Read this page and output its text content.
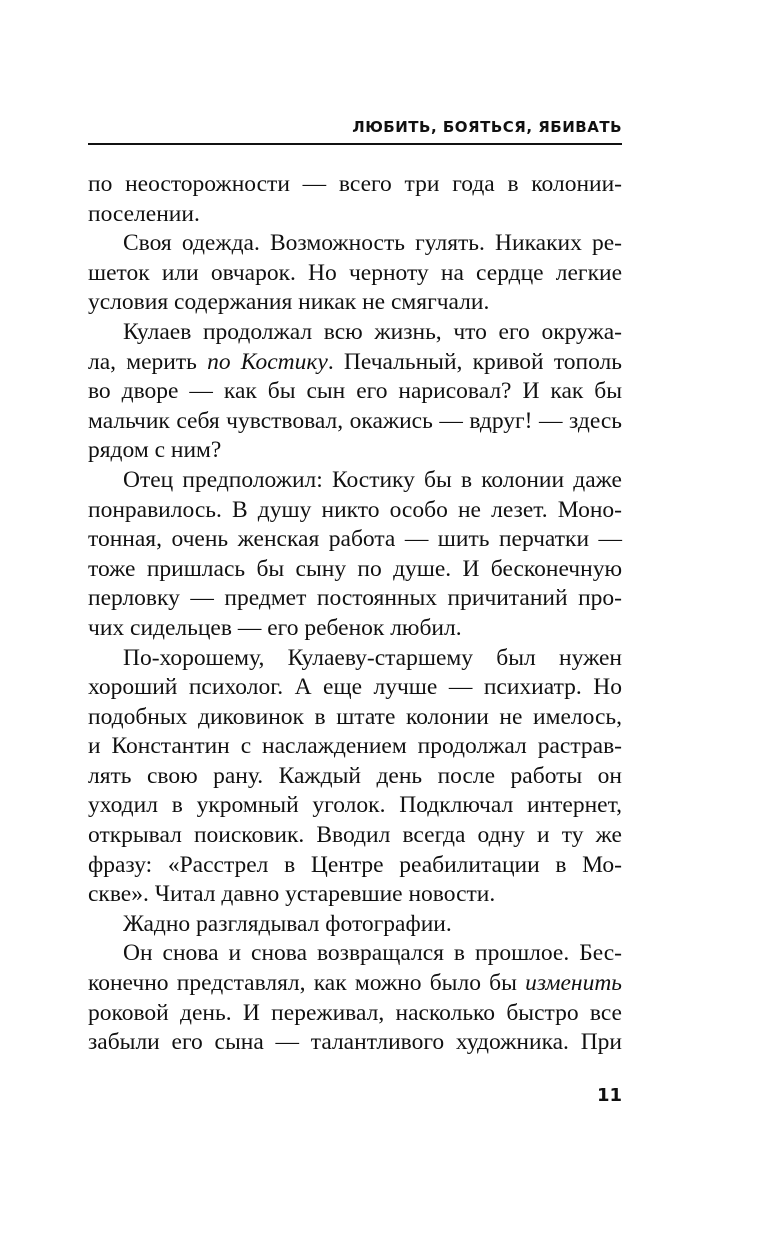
ЛЮБИТЬ, БОЯТЬСЯ, ЯБИВАТЬ
по неосторожности — всего три года в колонии-
поселении.
Своя одежда. Возможность гулять. Никаких ре-
шеток или овчарок. Но черноту на сердце легкие
условия содержания никак не смягчали.
Кулаев продолжал всю жизнь, что его окружа-
ла, мерить по Костику. Печальный, кривой тополь
во дворе — как бы сын его нарисовал? И как бы
мальчик себя чувствовал, окажись — вдруг! — здесь
рядом с ним?
Отец предположил: Костику бы в колонии даже
понравилось. В душу никто особо не лезет. Моно-
тонная, очень женская работа — шить перчатки —
тоже пришлась бы сыну по душе. И бесконечную
перловку — предмет постоянных причитаний про-
чих сидельцев — его ребенок любил.
По-хорошему, Кулаеву-старшему был нужен
хороший психолог. А еще лучше — психиатр. Но
подобных диковинок в штате колонии не имелось,
и Константин с наслаждением продолжал растрав-
лять свою рану. Каждый день после работы он
уходил в укромный уголок. Подключал интернет,
открывал поисковик. Вводил всегда одну и ту же
фразу: «Расстрел в Центре реабилитации в Мо-
скве». Читал давно устаревшие новости.
Жадно разглядывал фотографии.
Он снова и снова возвращался в прошлое. Бес-
конечно представлял, как можно было бы изменить
роковой день. И переживал, насколько быстро все
забыли его сына — талантливого художника. При
11
